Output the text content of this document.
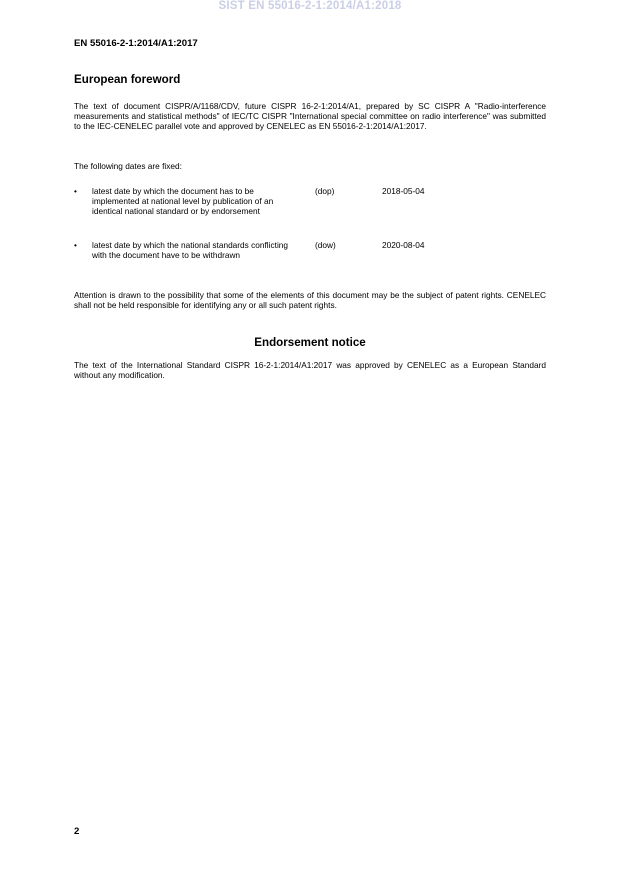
SIST EN 55016-2-1:2014/A1:2018
EN 55016-2-1:2014/A1:2017
European foreword
The text of document CISPR/A/1168/CDV, future CISPR 16-2-1:2014/A1, prepared by SC CISPR A "Radio-interference measurements and statistical methods" of IEC/TC CISPR "International special committee on radio interference" was submitted to the IEC-CENELEC parallel vote and approved by CENELEC as EN 55016-2-1:2014/A1:2017.
The following dates are fixed:
• latest date by which the document has to be implemented at national level by publication of an identical national standard or by endorsement
(dop)	2018-05-04
• latest date by which the national standards conflicting with the document have to be withdrawn
(dow)	2020-08-04
Attention is drawn to the possibility that some of the elements of this document may be the subject of patent rights. CENELEC shall not be held responsible for identifying any or all such patent rights.
Endorsement notice
The text of the International Standard CISPR 16-2-1:2014/A1:2017 was approved by CENELEC as a European Standard without any modification.
2
